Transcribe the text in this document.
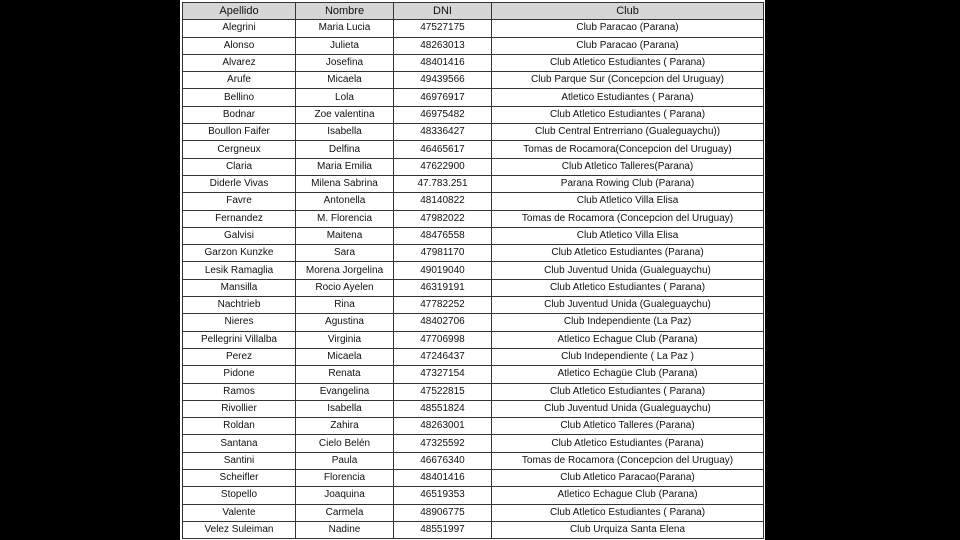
Apellido	Nombre	DNI	Club
Alegrini	Maria Lucia	47527175	Club Paracao (Parana)
Alonso	Julieta	48263013	Club Paracao (Parana)
Alvarez	Josefina	48401416	Club Atletico Estudiantes ( Parana)
Arufe	Micaela	49439566	Club Parque Sur (Concepcion del Uruguay)
Bellino	Lola	46976917	Atletico Estudiantes ( Parana)
Bodnar	Zoe valentina	46975482	Club Atletico Estudiantes ( Parana)
Boullon Faifer	Isabella	48336427	Club Central Entrerriano (Gualeguaychu))
Cergneux	Delfina	46465617	Tomas de Rocamora(Concepcion del Uruguay)
Claria	Maria Emilia	47622900	Club Atletico Talleres(Parana)
Diderle Vivas	Milena Sabrina	47.783.251	Parana Rowing Club (Parana)
Favre	Antonella	48140822	Club Atletico Villa Elisa
Fernandez	M. Florencia	47982022	Tomas de Rocamora (Concepcion del Uruguay)
Galvisi	Maitena	48476558	Club Atletico Villa Elisa
Garzon Kunzke	Sara	47981170	Club Atletico Estudiantes (Parana)
Lesik Ramaglia	Morena Jorgelina	49019040	Club Juventud Unida (Gualeguaychu)
Mansilla	Rocio Ayelen	46319191	Club Atletico Estudiantes ( Parana)
Nachtrieb	Rina	47782252	Club Juventud Unida (Gualeguaychu)
Nieres	Agustina	48402706	Club Independiente (La Paz)
Pellegrini Villalba	Virginia	47706998	Atletico Echague Club (Parana)
Perez	Micaela	47246437	Club Independiente ( La Paz )
Pidone	Renata	47327154	Atletico Echagüe Club (Parana)
Ramos	Evangelina	47522815	Club Atletico Estudiantes ( Parana)
Rivollier	Isabella	48551824	Club Juventud Unida (Gualeguaychu)
Roldan	Zahira	48263001	Club Atletico Talleres (Parana)
Santana	Cielo Belén	47325592	Club Atletico Estudiantes (Parana)
Santini	Paula	46676340	Tomas de Rocamora (Concepcion del Uruguay)
Scheifler	Florencia	48401416	Club Atletico Paracao(Parana)
Stopello	Joaquina	46519353	Atletico Echague Club (Parana)
Valente	Carmela	48906775	Club Atletico Estudiantes ( Parana)
Velez Suleiman	Nadine	48551997	Club Urquiza Santa Elena
